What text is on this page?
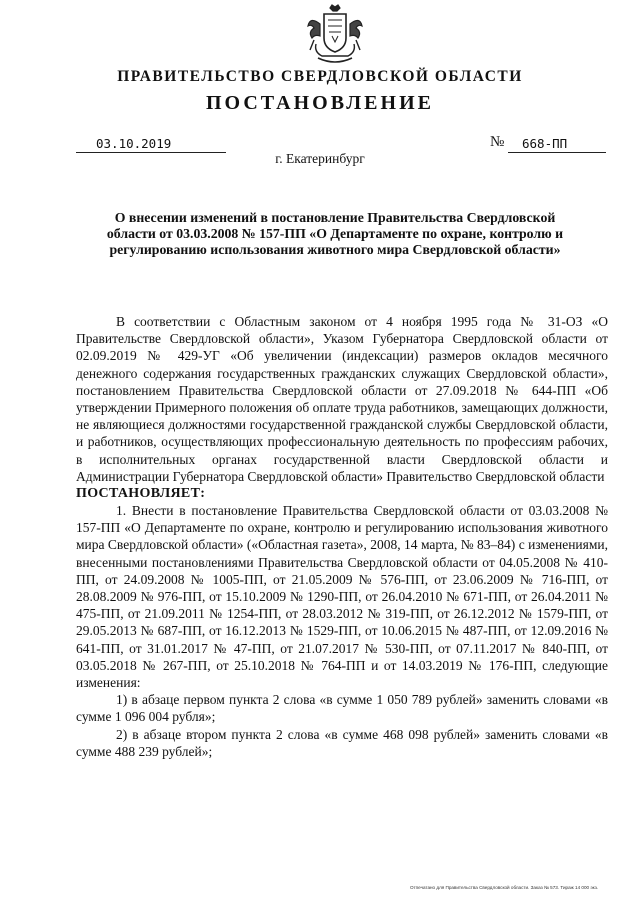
ПРАВИТЕЛЬСТВО СВЕРДЛОВСКОЙ ОБЛАСТИ
ПОСТАНОВЛЕНИЕ
03.10.2019	№	668-ПП
г. Екатеринбург
О внесении изменений в постановление Правительства Свердловской области от 03.03.2008 № 157-ПП «О Департаменте по охране, контролю и регулированию использования животного мира Свердловской области»

В соответствии с Областным законом от 4 ноября 1995 года № 31-ОЗ «О Правительстве Свердловской области», Указом Губернатора Свердловской области от 02.09.2019 № 429-УГ «Об увеличении (индексации) размеров окладов месячного денежного содержания государственных гражданских служащих Свердловской области», постановлением Правительства Свердловской области от 27.09.2018 № 644-ПП «Об утверждении Примерного положения об оплате труда работников, замещающих должности, не являющиеся должностями государственной гражданской службы Свердловской области, и работников, осуществляющих профессиональную деятельность по профессиям рабочих, в исполнительных органах государственной власти Свердловской области и Администрации Губернатора Свердловской области» Правительство Свердловской области

ПОСТАНОВЛЯЕТ:

1. Внести в постановление Правительства Свердловской области от 03.03.2008 № 157-ПП «О Департаменте по охране, контролю и регулированию использования животного мира Свердловской области» («Областная газета», 2008, 14 марта, № 83–84) с изменениями, внесенными постановлениями Правительства Свердловской области от 04.05.2008 № 410-ПП, от 24.09.2008 № 1005-ПП, от 21.05.2009 № 576-ПП, от 23.06.2009 № 716-ПП, от 28.08.2009 № 976-ПП, от 15.10.2009 № 1290-ПП, от 26.04.2010 № 671-ПП, от 26.04.2011 № 475-ПП, от 21.09.2011 № 1254-ПП, от 28.03.2012 № 319-ПП, от 26.12.2012 № 1579-ПП, от 29.05.2013 № 687-ПП, от 16.12.2013 № 1529-ПП, от 10.06.2015 № 487-ПП, от 12.09.2016 № 641-ПП, от 31.01.2017 № 47-ПП, от 21.07.2017 № 530-ПП, от 07.11.2017 № 840-ПП, от 03.05.2018 № 267-ПП, от 25.10.2018 № 764-ПП и от 14.03.2019 № 176-ПП, следующие изменения:

1) в абзаце первом пункта 2 слова «в сумме 1 050 789 рублей» заменить словами «в сумме 1 096 004 рубля»;

2) в абзаце втором пункта 2 слова «в сумме 468 098 рублей» заменить словами «в сумме 488 239 рублей»;

Отпечатано для Правительства Свердловской области. Заказ № 573. Тираж 14 000 экз.
